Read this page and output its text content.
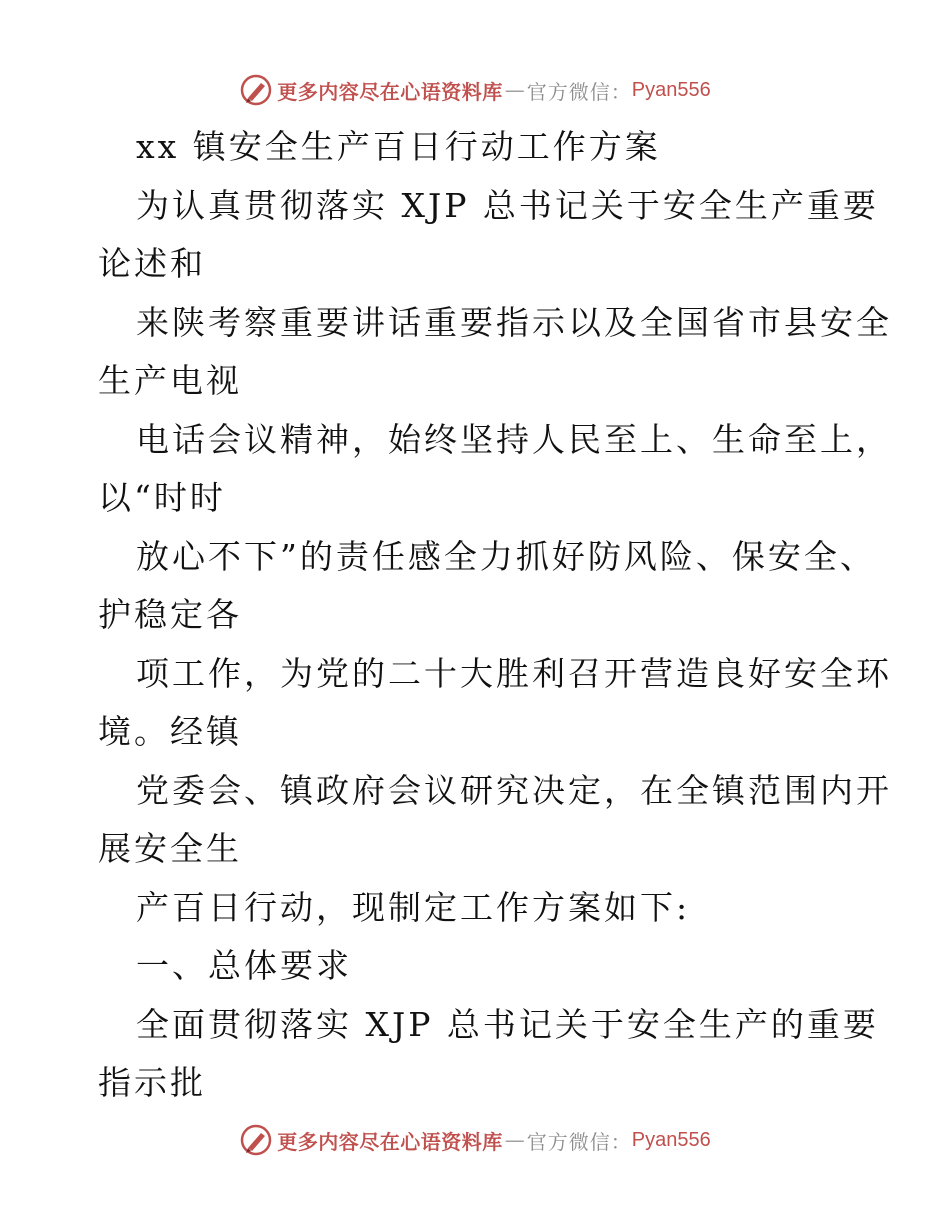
更多内容尽在心语资料库 — 官方微信： Pyan556
xx 镇安全生产百日行动工作方案
为认真贯彻落实 XJP 总书记关于安全生产重要
论述和
来陕考察重要讲话重要指示以及全国省市县安全
生产电视
电话会议精神，始终坚持人民至上、生命至上，
以“时时
放心不下”的责任感全力抓好防风险、保安全、
护稳定各
项工作，为党的二十大胜利召开营造良好安全环
境。经镇
党委会、镇政府会议研究决定，在全镇范围内开
展安全生
产百日行动，现制定工作方案如下:
一、总体要求
全面贯彻落实 XJP 总书记关于安全生产的重要
指示批
更多内容尽在心语资料库 — 官方微信： Pyan556
